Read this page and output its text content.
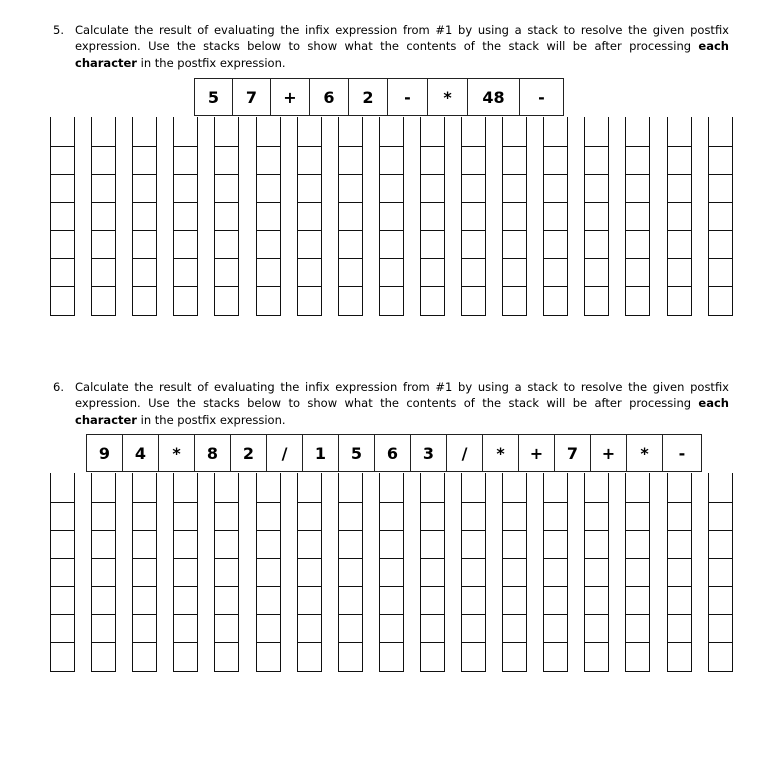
5. Calculate the result of evaluating the infix expression from #1 by using a stack to resolve the given postfix expression. Use the stacks below to show what the contents of the stack will be after processing each character in the postfix expression.
5	7	+	6	2	-	*	48	-
6. Calculate the result of evaluating the infix expression from #1 by using a stack to resolve the given postfix expression. Use the stacks below to show what the contents of the stack will be after processing each character in the postfix expression.
9	4	*	8	2	/	1	5	6	3	/	*	+	7	+	*	-
